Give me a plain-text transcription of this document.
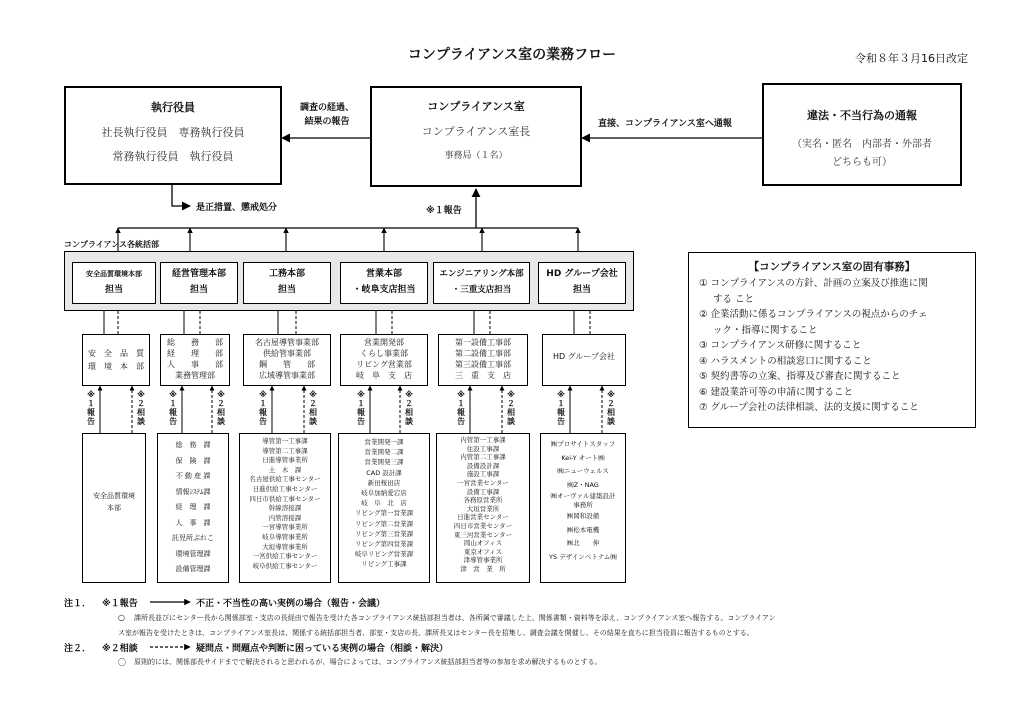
コンプライアンス室の業務フロー	令和８年３月16日改定
執行役員
社長執行役員　専務執行役員
常務執行役員　執行役員
コンプライアンス室
コンプライアンス室長
事務局（１名）
違法・不当行為の通報
（実名・匿名　内部者・外部者
どちらも可）
調査の経過、
結果の報告	直接、コンプライアンス室へ通報
是正措置、懲戒処分	※１報告
コンプライアンス各統括部
安全品質環境本部
担当
経営管理本部
担当
工務本部
担当
営業本部
・岐阜支店担当
エンジニアリング本部
・三重支店担当
HD グループ会社
担当
安　全　品　質
環　境　本　部
総　　務　　部
経　　理　　部
人　　事　　部
業務管理部
名古屋導管事業部
供給管事業部
鋼　　管　　部
広域導管事業部
営業開発部
くらし事業部
リビング営業部
岐　阜　支　店
第一設備工事部
第二設備工事部
第三設備工事部
三　重　支　店
HD グループ会社
※
１
報
告
※
２
相
談
※
１
報
告
※
２
相
談
※
１
報
告
※
２
相
談
※
１
報
告
※
２
相
談
※
１
報
告
※
２
相
談
※
１
報
告
※
２
相
談
安全品質環境
本部
総　務　課
保　険　課
不 動 産 課
情報ｼｽﾃﾑ課
経　理　課
人　事　課
託児所ぷれこ
環境管理課
設備管理課
導管第一工事課
導管第二工事課
日進導管事業所
土　木　課
名古屋供給工事センター
日進供給工事センター
四日市供給工事センター
幹線溶接課
内管溶接課
一宮導管事業所
岐阜導管事業所
大垣導管事業所
一宮供給工事センター
岐阜供給工事センター
営業開発一課
営業開発二課
営業開発三課
CAD 設計課
新田桜田店
岐阜加納愛宕店
岐　阜　北　店
リビング第一営業課
リビング第二営業課
リビング第三営業課
リビング第四営業課
岐阜リビング営業課
リビング工事課
内管第一工事課
住設工事課
内管第二工事課
設備設計課
施設工事課
一宮営業センター
設備工事課
各務原営業所
大垣営業所
日進営業センター
四日市営業センター
東三河営業センター
岡山オフィス
東京オフィス
津導管事業所
津　営　業　所
㈱プロサイトスタッフ
Kei-Y オート㈱
㈱ニューウェルス
㈱Z・NAG
㈱オーヴァル建築設計
事務所
㈱岡和設備
㈱松本電機
㈱北　　伸
YS デザインベトナム㈱
【コンプライアンス室の固有事務】
① コンプライアンスの方針、計画の立案及び推進に関
する こと
② 企業活動に係るコンプライアンスの視点からのチェ
ック・指導に関すること
③ コンプライアンス研修に関すること
④ ハラスメントの相談窓口に関すること
⑤ 契約書等の立案、指導及び審査に関すること
⑥ 建設業許可等の申請に関すること
⑦ グループ会社の法律相談、法的支援に関すること
注１． ※１報告	不正・不当性の高い実例の場合（報告・会議）
○ 課所長並びにセンター長から関係部室・支店の長経由で報告を受けた各コンプライアンス統括部担当者は、各所属で審議した上、関係書類・資料等を添え、コンプライアンス室へ報告する。コンプライアン
ス室が報告を受けたときは、コンプライアンス室長は、関係する統括部担当者、部室・支店の長、課所長又はセンター長を招集し、調査会議を開催し、その結果を直ちに担当役員に報告するものとする。
注２． ※２相談	疑問点・問題点や判断に困っている実例の場合（相談・解決）
〇 原則的には、関係部長サイドまでで解決されると思われるが、場合によっては、コンプライアンス統括部担当者等の参加を求め解決するものとする。
